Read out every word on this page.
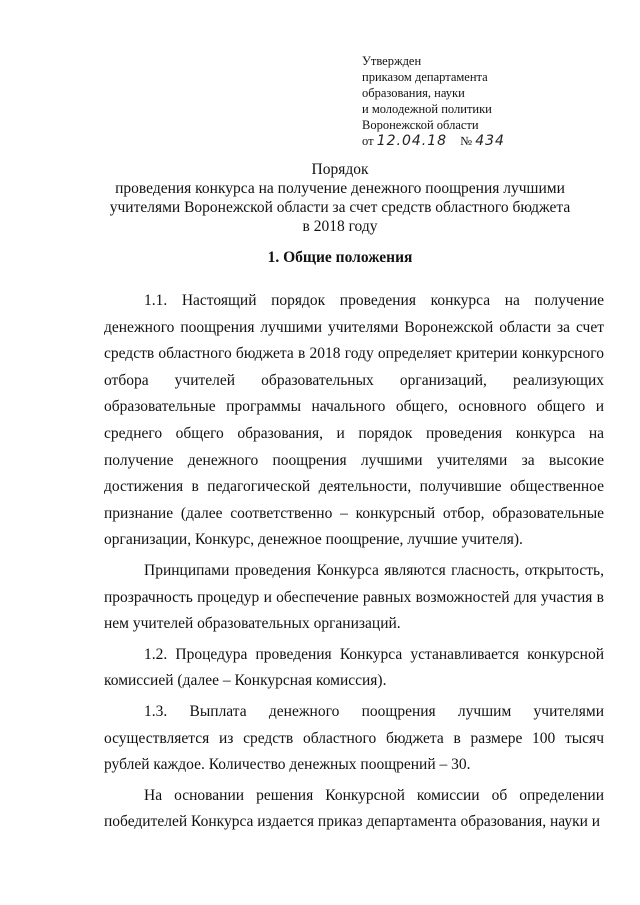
Утвержден
приказом департамента
образования, науки
и молодежной политики
Воронежской области
от 12.04.18 № 434
Порядок
проведения конкурса на получение денежного поощрения лучшими
учителями Воронежской области за счет средств областного бюджета
в 2018 году
1. Общие положения

1.1. Настоящий порядок проведения конкурса на получение денежного поощрения лучшими учителями Воронежской области за счет средств областного бюджета в 2018 году определяет критерии конкурсного отбора учителей образовательных организаций, реализующих образовательные программы начального общего, основного общего и среднего общего образования, и порядок проведения конкурса на получение денежного поощрения лучшими учителями за высокие достижения в педагогической деятельности, получившие общественное признание (далее соответственно – конкурсный отбор, образовательные организации, Конкурс, денежное поощрение, лучшие учителя).

Принципами проведения Конкурса являются гласность, открытость, прозрачность процедур и обеспечение равных возможностей для участия в нем учителей образовательных организаций.

1.2. Процедура проведения Конкурса устанавливается конкурсной комиссией (далее – Конкурсная комиссия).

1.3. Выплата денежного поощрения лучшим учителями осуществляется из средств областного бюджета в размере 100 тысяч рублей каждое. Количество денежных поощрений – 30.

На основании решения Конкурсной комиссии об определении победителей Конкурса издается приказ департамента образования, науки и
